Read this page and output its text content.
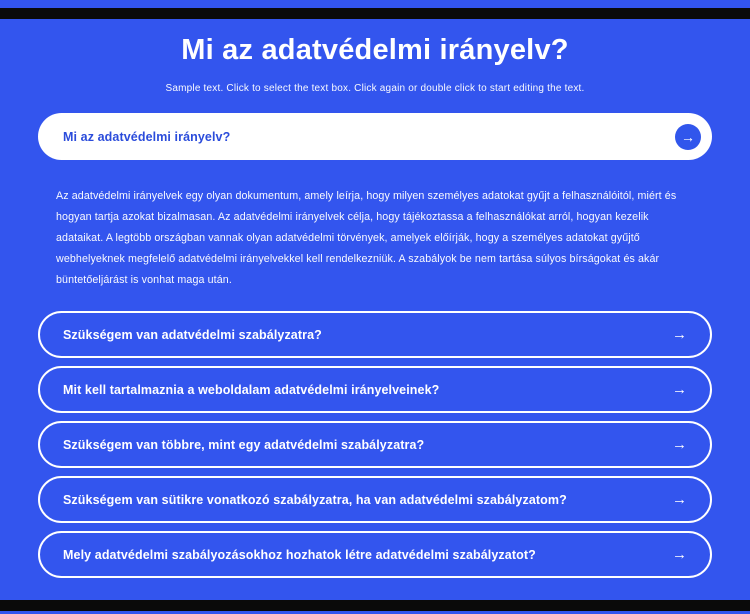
Mi az adatvédelmi irányelv?

Sample text. Click to select the text box. Click again or double click to start editing the text.

Mi az adatvédelmi irányelv?	→

Az adatvédelmi irányelvek egy olyan dokumentum, amely leírja, hogy milyen személyes adatokat gyűjt a felhasználóitól, miért és hogyan tartja azokat bizalmasan. Az adatvédelmi irányelvek célja, hogy tájékoztassa a felhasználókat arról, hogyan kezelik adataikat. A legtöbb országban vannak olyan adatvédelmi törvények, amelyek előírják, hogy a személyes adatokat gyűjtő webhelyeknek megfelelő adatvédelmi irányelvekkel kell rendelkezniük. A szabályok be nem tartása súlyos bírságokat és akár büntetőeljárást is vonhat maga után.

Szükségem van adatvédelmi szabályzatra?	→
Mit kell tartalmaznia a weboldalam adatvédelmi irányelveinek?	→
Szükségem van többre, mint egy adatvédelmi szabályzatra?	→
Szükségem van sütikre vonatkozó szabályzatra, ha van adatvédelmi szabályzatom?	→
Mely adatvédelmi szabályozásokhoz hozhatok létre adatvédelmi szabályzatot?	→
